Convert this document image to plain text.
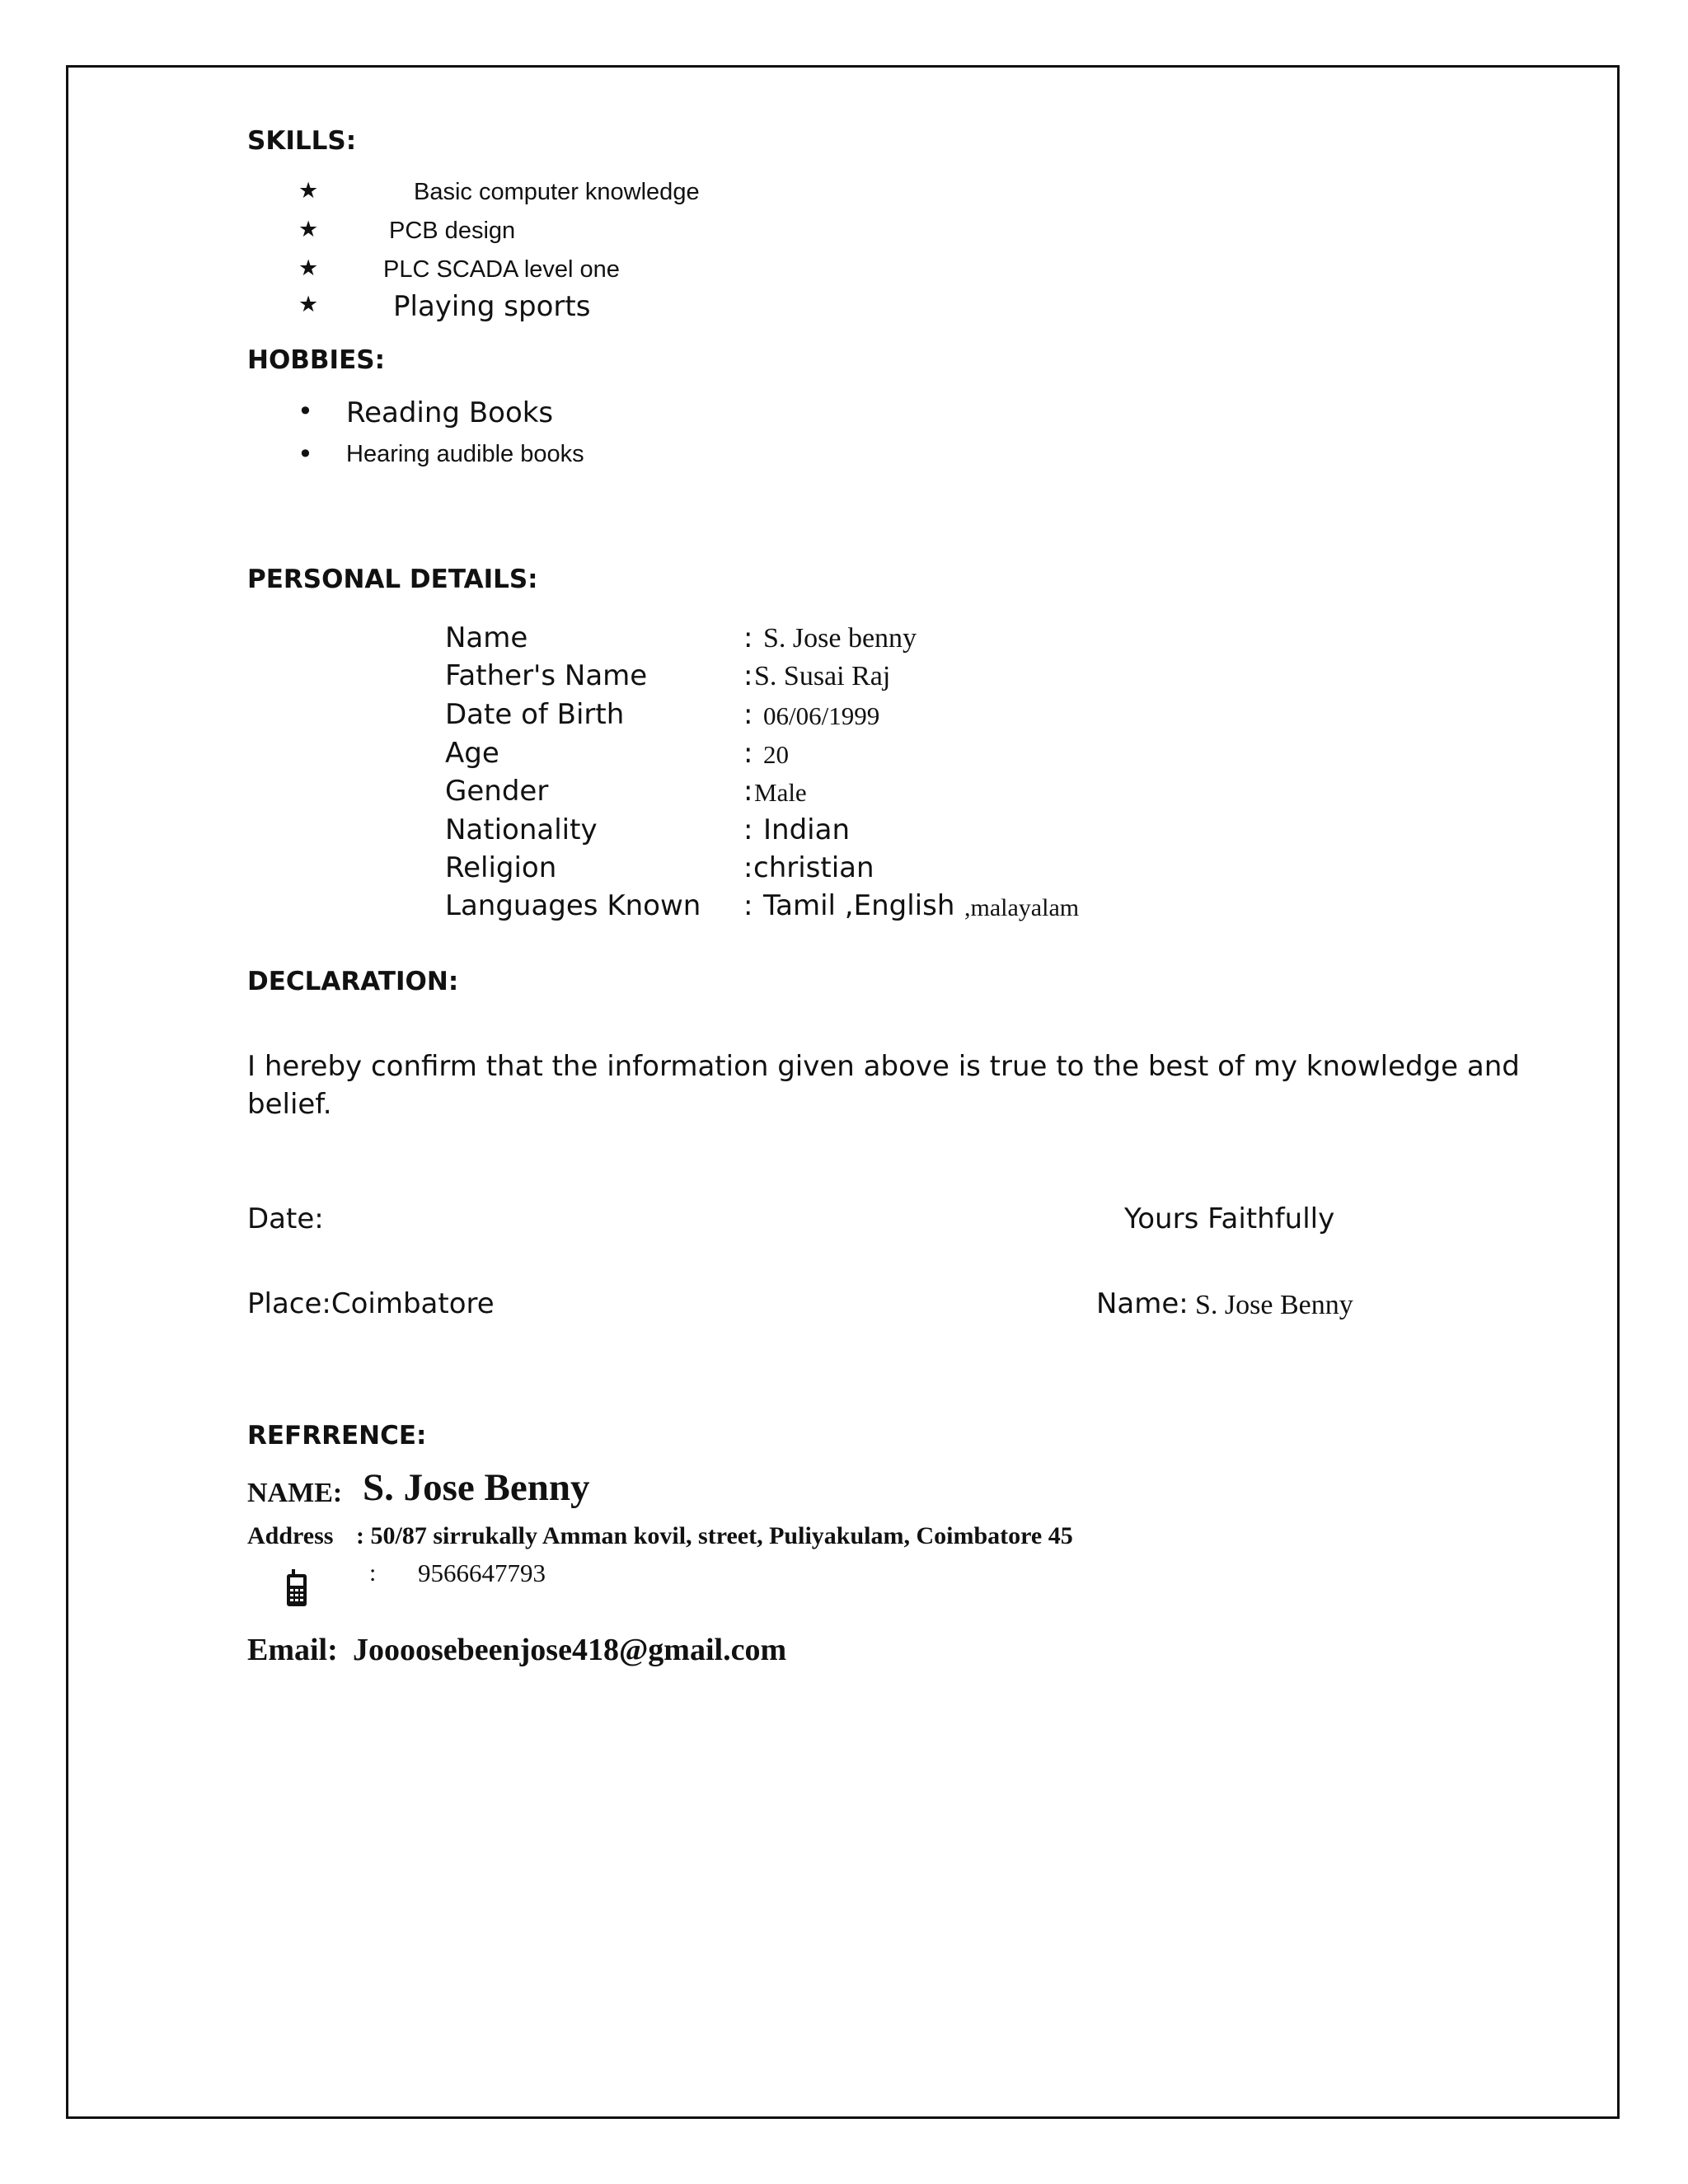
SKILLS:
★	Basic computer knowledge
★	PCB design
★	PLC SCADA level one
★	Playing sports
HOBBIES:
• Reading Books
• Hearing audible books
PERSONAL DETAILS:
Name	: S. Jose benny
Father's Name	: S. Susai Raj
Date of Birth	: 06/06/1999
Age	: 20
Gender	: Male
Nationality	: Indian
Religion	: christian
Languages Known : Tamil ,English ,malayalam
DECLARATION:
I hereby confirm that the information given above is true to the best of my knowledge and
belief.
Date:	Yours Faithfully
Place:Coimbatore	Name: S. Jose Benny
REFRRENCE:
NAME: S. Jose Benny
Address : 50/87 sirrukally Amman kovil, street, Puliyakulam, Coimbatore 45

: 9566647793
Email: Joooosebeenjose418@gmail.com
